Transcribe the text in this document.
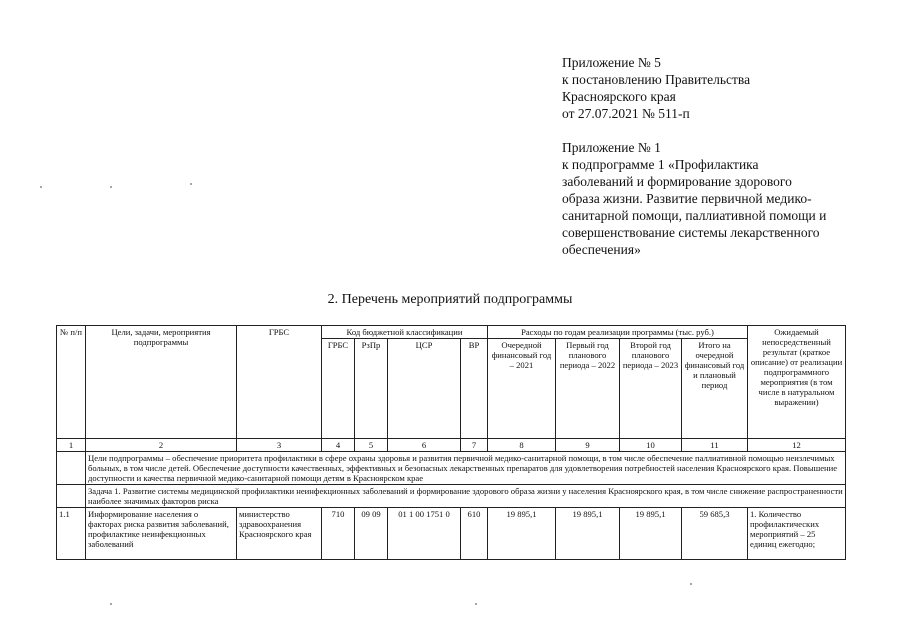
Приложение № 5

к постановлению Правительства

Красноярского края

от 27.07.2021 № 511-п

Приложение № 1

к подпрограмме 1 «Профилактика

заболеваний и формирование здорового

образа жизни. Развитие первичной медико-

санитарной помощи, паллиативной помощи и

совершенствование системы лекарственного

обеспечения»

2. Перечень мероприятий подпрограммы
№ п/п	Цели, задачи, мероприятия подпрограммы	ГРБС	Код бюджетной классификации				Расходы по годам реализации программы (тыс. руб.)				Ожидаемый непосредственный результат (краткое описание) от реализации подпрограммного мероприятия (в том числе в натуральном выражении)
			ГРБС	РзПр	ЦСР	ВР	Очередной финансовый год – 2021	Первый год планового периода – 2022	Второй год планового периода – 2023	Итого на очередной финансовый год и плановый период	
1	2	3	4	5	6	7	8	9	10	11	12
	Цели подпрограммы – обеспечение приоритета профилактики в сфере охраны здоровья и развития первичной медико-санитарной помощи, в том числе обеспечение паллиативной помощью неизлечимых больных, в том числе детей. Обеспечение доступности качественных, эффективных и безопасных лекарственных препаратов для удовлетворения потребностей населения Красноярского края. Повышение доступности и качества первичной медико-санитарной помощи детям в Красноярском крае										
	Задача 1. Развитие системы медицинской профилактики неинфекционных заболеваний и формирование здорового образа жизни у населения Красноярского края, в том числе снижение распространенности наиболее значимых факторов риска										
1.1	Информирование населения о факторах риска развития заболеваний, профилактике неинфекционных заболеваний	министерство здравоохранения Красноярского края	710	09 09	01 1 00 1751 0	610	19 895,1	19 895,1	19 895,1	59 685,3	1. Количество профилактических мероприятий – 25 единиц ежегодно;
